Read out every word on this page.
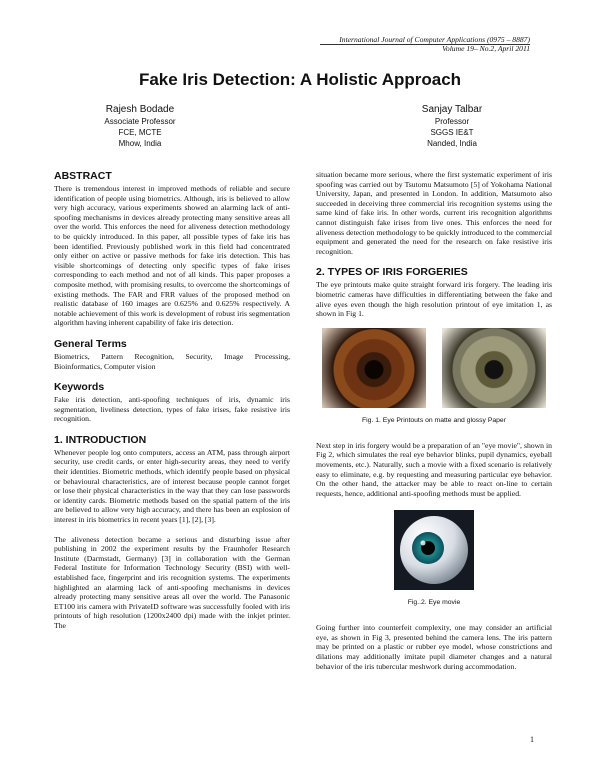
International Journal of Computer Applications (0975 – 8887)
Volume 19– No.2, April 2011
Fake Iris Detection: A Holistic Approach
Rajesh Bodade
Associate Professor
FCE, MCTE
Mhow, India
Sanjay Talbar
Professor
SGGS IE&T
Nanded, India
ABSTRACT

There is tremendous interest in improved methods of reliable and secure identification of people using biometrics. Although, iris is believed to allow very high accuracy, various experiments showed an alarming lack of anti-spoofing mechanisms in devices already protecting many sensitive areas all over the world. This enforces the need for aliveness detection methodology to be quickly introduced. In this paper, all possible types of fake iris has been identified. Previously published work in this field had concentrated only either on active or passive methods for fake iris detection. This has visible shortcomings of detecting only specific types of fake irises corresponding to each method and not of all kinds. This paper proposes a composite method, with promising results, to overcome the shortcomings of existing methods. The FAR and FRR values of the proposed method on realistic database of 160 images are 0.625% and 0.625% respectively. A notable achievement of this work is development of robust iris segmentation algorithm having inherent capability of fake iris detection.

General Terms

Biometrics, Pattern Recognition, Security, Image Processing, Bioinformatics, Computer vision

Keywords

Fake iris detection, anti-spoofing techniques of iris, dynamic iris segmentation, liveliness detection, types of fake irises, fake resistive iris recognition.

1. INTRODUCTION

Whenever people log onto computers, access an ATM, pass through airport security, use credit cards, or enter high-security areas, they need to verify their identities. Biometric methods, which identify people based on physical or behavioural characteristics, are of interest because people cannot forget or lose their physical characteristics in the way that they can lose passwords or identity cards. Biometric methods based on the spatial pattern of the iris are believed to allow very high accuracy, and there has been an explosion of interest in iris biometrics in recent years [1], [2], [3].

The aliveness detection became a serious and disturbing issue after publishing in 2002 the experiment results by the Fraunhofer Research Institute (Darmstadt, Germany) [3] in collaboration with the German Federal Institute for Information Technology Security (BSI) with well-established face, fingerprint and iris recognition systems. The experiments highlighted an alarming lack of anti-spoofing mechanisms in devices already protecting many sensitive areas all over the world. The Panasonic ET100 iris camera with PrivateID software was successfully fooled with iris printouts of high resolution (1200x2400 dpi) made with the inkjet printer. The

situation became more serious, where the first systematic experiment of iris spoofing was carried out by Tsutomu Matsumoto [5] of Yokohama National University, Japan, and presented in London. In addition, Matsumoto also succeeded in deceiving three commercial iris recognition systems using the same kind of fake iris. In other words, current iris recognition algorithms cannot distinguish fake irises from live ones. This enforces the need for aliveness detection methodology to be quickly introduced to the commercial equipment and generated the need for the research on fake resistive iris recognition.

2. TYPES OF IRIS FORGERIES

The eye printouts make quite straight forward iris forgery. The leading iris biometric cameras have difficulties in differentiating between the fake and alive eyes even though the high resolution printout of eye imitation 1, as shown in Fig 1.

Fig. 1. Eye Printouts on matte and glossy Paper

Next step in iris forgery would be a preparation of an "eye movie", shown in Fig 2, which simulates the real eye behavior blinks, pupil dynamics, eyeball movements, etc.). Naturally, such a movie with a fixed scenario is relatively easy to eliminate, e.g. by requesting and measuring particular eye behavior. On the other hand, the attacker may be able to react on-line to certain requests, hence, additional anti-spoofing methods must be applied.

Fig..2. Eye movie

Going further into counterfeit complexity, one may consider an artificial eye, as shown in Fig 3, presented behind the camera lens. The iris pattern may be printed on a plastic or rubber eye model, whose constrictions and dilations may additionally imitate pupil diameter changes and a natural behavior of the iris tubercular meshwork during accommodation.

1
